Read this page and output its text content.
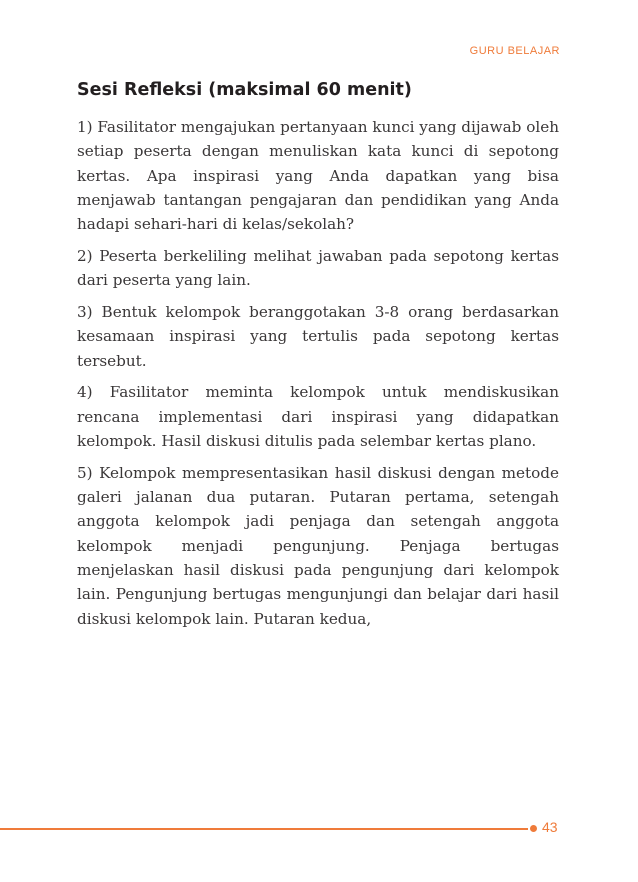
GURU BELAJAR
Sesi Refleksi (maksimal 60 menit)

1) Fasilitator mengajukan pertanyaan kunci yang dijawab oleh setiap peserta dengan menuliskan kata kunci di sepotong kertas. Apa inspirasi yang Anda dapatkan yang bisa menjawab tantangan pengajaran dan pendidikan yang Anda hadapi sehari-hari di kelas/sekolah?

2) Peserta berkeliling melihat jawaban pada sepotong kertas dari peserta yang lain.

3) Bentuk kelompok beranggotakan 3-8 orang berdasarkan kesamaan inspirasi yang tertulis pada sepotong kertas tersebut.

4) Fasilitator meminta kelompok untuk mendiskusikan rencana implementasi dari inspirasi yang didapatkan kelompok. Hasil diskusi ditulis pada selembar kertas plano.

5) Kelompok mempresentasikan hasil diskusi dengan metode galeri jalanan dua putaran. Putaran pertama, setengah anggota kelompok jadi penjaga dan setengah anggota kelompok menjadi pengunjung. Penjaga bertugas menjelaskan hasil diskusi pada pengunjung dari kelompok lain. Pengunjung bertugas mengunjungi dan belajar dari hasil diskusi kelompok lain. Putaran kedua,

43
